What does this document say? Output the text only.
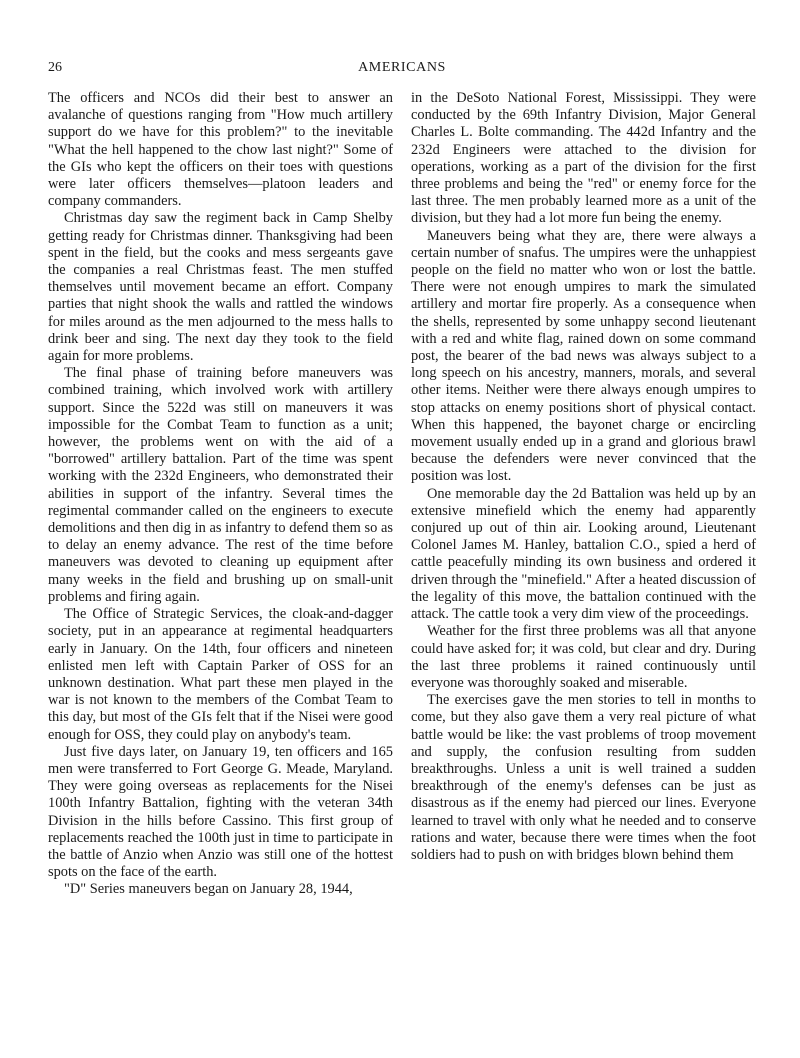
26	AMERICANS

The officers and NCOs did their best to answer an avalanche of questions ranging from "How much artillery support do we have for this problem?" to the inevitable "What the hell happened to the chow last night?" Some of the GIs who kept the officers on their toes with questions were later officers themselves—platoon leaders and company commanders.

Christmas day saw the regiment back in Camp Shelby getting ready for Christmas dinner. Thanksgiving had been spent in the field, but the cooks and mess sergeants gave the companies a real Christmas feast. The men stuffed themselves until movement became an effort. Company parties that night shook the walls and rattled the windows for miles around as the men adjourned to the mess halls to drink beer and sing. The next day they took to the field again for more problems.

The final phase of training before maneuvers was combined training, which involved work with artillery support. Since the 522d was still on maneuvers it was impossible for the Combat Team to function as a unit; however, the problems went on with the aid of a "borrowed" artillery battalion. Part of the time was spent working with the 232d Engineers, who demonstrated their abilities in support of the infantry. Several times the regimental commander called on the engineers to execute demolitions and then dig in as infantry to defend them so as to delay an enemy advance. The rest of the time before maneuvers was devoted to cleaning up equipment after many weeks in the field and brushing up on small-unit problems and firing again.

The Office of Strategic Services, the cloak-and-dagger society, put in an appearance at regimental headquarters early in January. On the 14th, four officers and nineteen enlisted men left with Captain Parker of OSS for an unknown destination. What part these men played in the war is not known to the members of the Combat Team to this day, but most of the GIs felt that if the Nisei were good enough for OSS, they could play on anybody's team.

Just five days later, on January 19, ten officers and 165 men were transferred to Fort George G. Meade, Maryland. They were going overseas as replacements for the Nisei 100th Infantry Battalion, fighting with the veteran 34th Division in the hills before Cassino. This first group of replacements reached the 100th just in time to participate in the battle of Anzio when Anzio was still one of the hottest spots on the face of the earth.

"D" Series maneuvers began on January 28, 1944,

in the DeSoto National Forest, Mississippi. They were conducted by the 69th Infantry Division, Major General Charles L. Bolte commanding. The 442d Infantry and the 232d Engineers were attached to the division for operations, working as a part of the division for the first three problems and being the "red" or enemy force for the last three. The men probably learned more as a unit of the division, but they had a lot more fun being the enemy.

Maneuvers being what they are, there were always a certain number of snafus. The umpires were the unhappiest people on the field no matter who won or lost the battle. There were not enough umpires to mark the simulated artillery and mortar fire properly. As a consequence when the shells, represented by some unhappy second lieutenant with a red and white flag, rained down on some command post, the bearer of the bad news was always subject to a long speech on his ancestry, manners, morals, and several other items. Neither were there always enough umpires to stop attacks on enemy positions short of physical contact. When this happened, the bayonet charge or encircling movement usually ended up in a grand and glorious brawl because the defenders were never convinced that the position was lost.

One memorable day the 2d Battalion was held up by an extensive minefield which the enemy had apparently conjured up out of thin air. Looking around, Lieutenant Colonel James M. Hanley, battalion C.O., spied a herd of cattle peacefully minding its own business and ordered it driven through the "minefield." After a heated discussion of the legality of this move, the battalion continued with the attack. The cattle took a very dim view of the proceedings.

Weather for the first three problems was all that anyone could have asked for; it was cold, but clear and dry. During the last three problems it rained continuously until everyone was thoroughly soaked and miserable.

The exercises gave the men stories to tell in months to come, but they also gave them a very real picture of what battle would be like: the vast problems of troop movement and supply, the confusion resulting from sudden breakthroughs. Unless a unit is well trained a sudden breakthrough of the enemy's defenses can be just as disastrous as if the enemy had pierced our lines. Everyone learned to travel with only what he needed and to conserve rations and water, because there were times when the foot soldiers had to push on with bridges blown behind them
